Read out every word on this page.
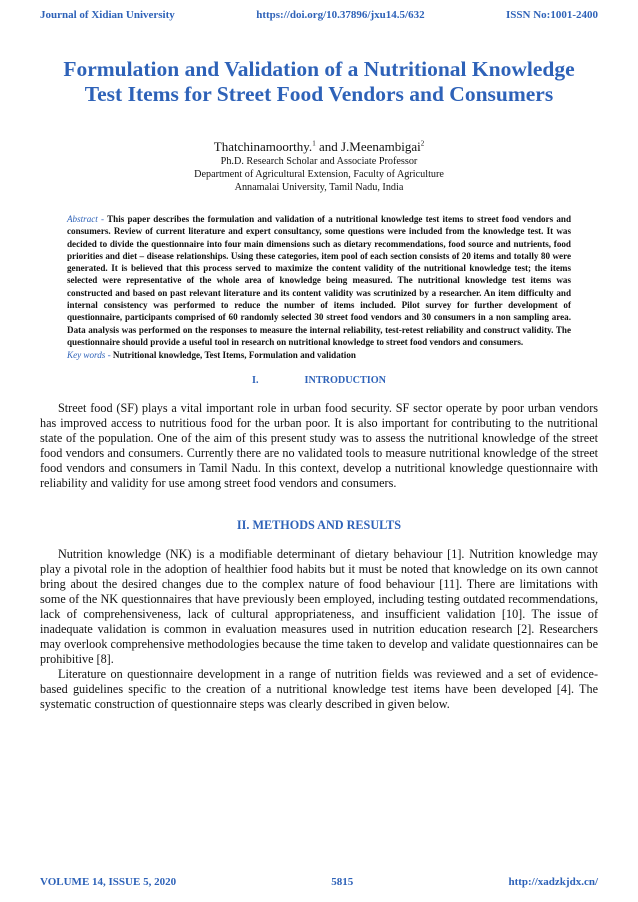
Journal of Xidian University	https://doi.org/10.37896/jxu14.5/632	ISSN No:1001-2400
Formulation and Validation of a Nutritional Knowledge
Test Items for Street Food Vendors and Consumers
Thatchinamoorthy.$^1$ and J.Meenambigai$^2$
Ph.D. Research Scholar and Associate Professor
Department of Agricultural Extension, Faculty of Agriculture
Annamalai University, Tamil Nadu, India
Abstract - This paper describes the formulation and validation of a nutritional knowledge test items to street food vendors and consumers. Review of current literature and expert consultancy, some questions were included from the knowledge test. It was decided to divide the questionnaire into four main dimensions such as dietary recommendations, food source and nutrients, food priorities and diet – disease relationships. Using these categories, item pool of each section consists of 20 items and totally 80 were generated. It is believed that this process served to maximize the content validity of the nutritional knowledge test; the items selected were representative of the whole area of knowledge being measured. The nutritional knowledge test items was constructed and based on past relevant literature and its content validity was scrutinized by a researcher. An item difficulty and internal consistency was performed to reduce the number of items included. Pilot survey for further development of questionnaire, participants comprised of 60 randomly selected 30 street food vendors and 30 consumers in a non sampling area. Data analysis was performed on the responses to measure the internal reliability, test-retest reliability and construct validity. The questionnaire should provide a useful tool in research on nutritional knowledge to street food vendors and consumers.
Key words - Nutritional knowledge, Test Items, Formulation and validation
I.	INTRODUCTION
Street food (SF) plays a vital important role in urban food security. SF sector operate by poor urban vendors has improved access to nutritious food for the urban poor. It is also important for contributing to the nutritional state of the population. One of the aim of this present study was to assess the nutritional knowledge of the street food vendors and consumers. Currently there are no validated tools to measure nutritional knowledge of the street food vendors and consumers in Tamil Nadu. In this context, develop a nutritional knowledge questionnaire with reliability and validity for use among street food vendors and consumers.
II. METHODS AND RESULTS
Nutrition knowledge (NK) is a modifiable determinant of dietary behaviour [1]. Nutrition knowledge may play a pivotal role in the adoption of healthier food habits but it must be noted that knowledge on its own cannot bring about the desired changes due to the complex nature of food behaviour [11]. There are limitations with some of the NK questionnaires that have previously been employed, including testing outdated recommendations, lack of comprehensiveness, lack of cultural appropriateness, and insufficient validation [10]. The issue of inadequate validation is common in evaluation measures used in nutrition education research [2]. Researchers may overlook comprehensive methodologies because the time taken to develop and validate questionnaires can be prohibitive [8].
Literature on questionnaire development in a range of nutrition fields was reviewed and a set of evidence-based guidelines specific to the creation of a nutritional knowledge test items have been developed [4]. The systematic construction of questionnaire steps was clearly described in given below.
VOLUME 14, ISSUE 5, 2020	5815	http://xadzkjdx.cn/
